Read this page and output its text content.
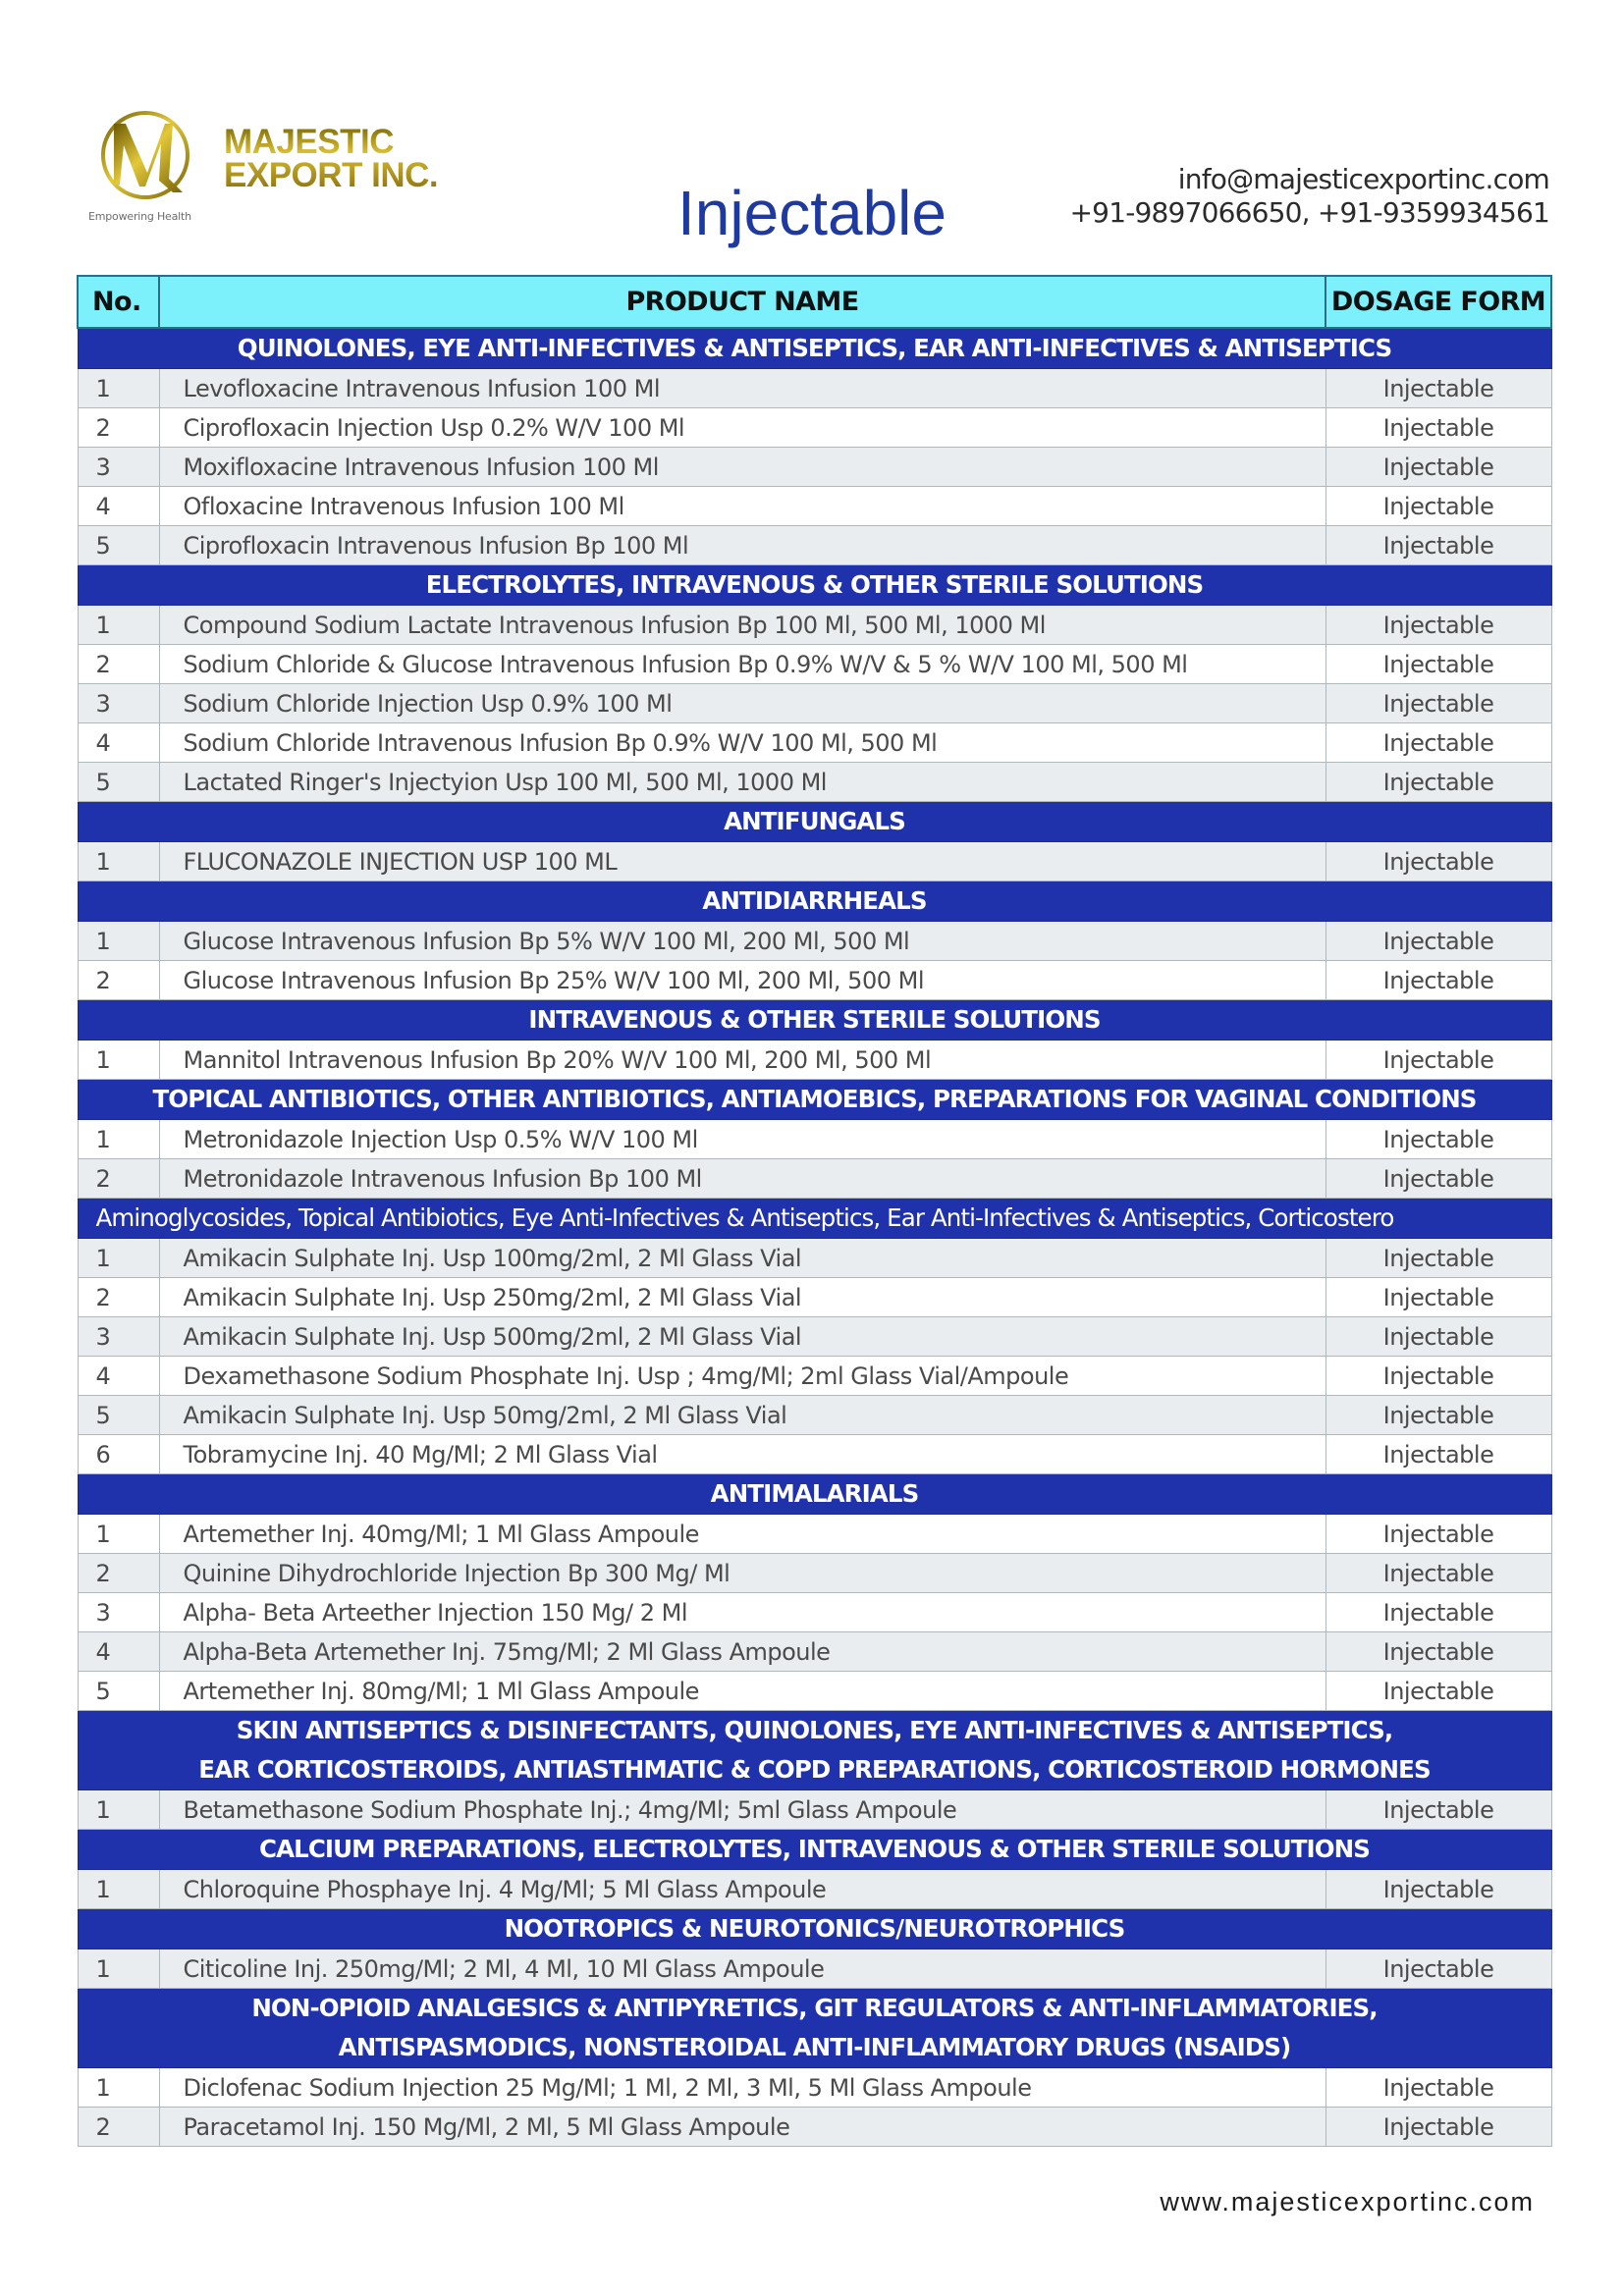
Empowering Health
MAJESTIC
EXPORT INC.
Injectable	info@majesticexportinc.com
+91-9897066650, +91-9359934561
No.	PRODUCT NAME	DOSAGE FORM

QUINOLONES, EYE ANTI-INFECTIVES & ANTISEPTICS, EAR ANTI-INFECTIVES & ANTISEPTICS		

1	Levofloxacine Intravenous Infusion 100 Ml	Injectable
2	Ciprofloxacin Injection Usp 0.2% W/V 100 Ml	Injectable
3	Moxifloxacine Intravenous Infusion 100 Ml	Injectable
4	Ofloxacine Intravenous Infusion 100 Ml	Injectable
5	Ciprofloxacin Intravenous Infusion Bp 100 Ml	Injectable

ELECTROLYTES, INTRAVENOUS & OTHER STERILE SOLUTIONS		

1	Compound Sodium Lactate Intravenous Infusion Bp 100 Ml, 500 Ml, 1000 Ml	Injectable
2	Sodium Chloride & Glucose Intravenous Infusion Bp 0.9% W/V & 5 % W/V 100 Ml, 500 Ml	Injectable
3	Sodium Chloride Injection Usp 0.9% 100 Ml	Injectable
4	Sodium Chloride Intravenous Infusion Bp 0.9% W/V 100 Ml, 500 Ml	Injectable
5	Lactated Ringer's Injectyion Usp 100 Ml, 500 Ml, 1000 Ml	Injectable

ANTIFUNGALS		

1	FLUCONAZOLE INJECTION USP 100 ML	Injectable

ANTIDIARRHEALS		

1	Glucose Intravenous Infusion Bp 5% W/V 100 Ml, 200 Ml, 500 Ml	Injectable
2	Glucose Intravenous Infusion Bp 25% W/V 100 Ml, 200 Ml, 500 Ml	Injectable

INTRAVENOUS & OTHER STERILE SOLUTIONS		

1	Mannitol Intravenous Infusion Bp 20% W/V 100 Ml, 200 Ml, 500 Ml	Injectable

TOPICAL ANTIBIOTICS, OTHER ANTIBIOTICS, ANTIAMOEBICS, PREPARATIONS FOR VAGINAL CONDITIONS		

1	Metronidazole Injection Usp 0.5% W/V 100 Ml	Injectable
2	Metronidazole Intravenous Infusion Bp 100 Ml	Injectable

Aminoglycosides, Topical Antibiotics, Eye Anti-Infectives & Antiseptics, Ear Anti-Infectives & Antiseptics, Corticostero		

1	Amikacin Sulphate Inj. Usp 100mg/2ml, 2 Ml Glass Vial	Injectable
2	Amikacin Sulphate Inj. Usp 250mg/2ml, 2 Ml Glass Vial	Injectable
3	Amikacin Sulphate Inj. Usp 500mg/2ml, 2 Ml Glass Vial	Injectable
4	Dexamethasone Sodium Phosphate Inj. Usp ; 4mg/Ml; 2ml Glass Vial/Ampoule	Injectable
5	Amikacin Sulphate Inj. Usp 50mg/2ml, 2 Ml Glass Vial	Injectable
6	Tobramycine Inj. 40 Mg/Ml; 2 Ml Glass Vial	Injectable

ANTIMALARIALS		

1	Artemether Inj. 40mg/Ml; 1 Ml Glass Ampoule	Injectable
2	Quinine Dihydrochloride Injection Bp 300 Mg/ Ml	Injectable
3	Alpha- Beta Arteether Injection 150 Mg/ 2 Ml	Injectable
4	Alpha-Beta Artemether Inj. 75mg/Ml; 2 Ml Glass Ampoule	Injectable
5	Artemether Inj. 80mg/Ml; 1 Ml Glass Ampoule	Injectable

SKIN ANTISEPTICS & DISINFECTANTS, QUINOLONES, EYE ANTI-INFECTIVES & ANTISEPTICS,
EAR CORTICOSTEROIDS, ANTIASTHMATIC & COPD PREPARATIONS, CORTICOSTEROID HORMONES		

1	Betamethasone Sodium Phosphate Inj.; 4mg/Ml; 5ml Glass Ampoule	Injectable

CALCIUM PREPARATIONS, ELECTROLYTES, INTRAVENOUS & OTHER STERILE SOLUTIONS		

1	Chloroquine Phosphaye Inj. 4 Mg/Ml; 5 Ml Glass Ampoule	Injectable

NOOTROPICS & NEUROTONICS/NEUROTROPHICS		

1	Citicoline Inj. 250mg/Ml; 2 Ml, 4 Ml, 10 Ml Glass Ampoule	Injectable

NON-OPIOID ANALGESICS & ANTIPYRETICS, GIT REGULATORS & ANTI-INFLAMMATORIES,
ANTISPASMODICS, NONSTEROIDAL ANTI-INFLAMMATORY DRUGS (NSAIDS)		

1	Diclofenac Sodium Injection 25 Mg/Ml; 1 Ml, 2 Ml, 3 Ml, 5 Ml Glass Ampoule	Injectable
2	Paracetamol Inj. 150 Mg/Ml, 2 Ml, 5 Ml Glass Ampoule	Injectable
www.majesticexportinc.com
